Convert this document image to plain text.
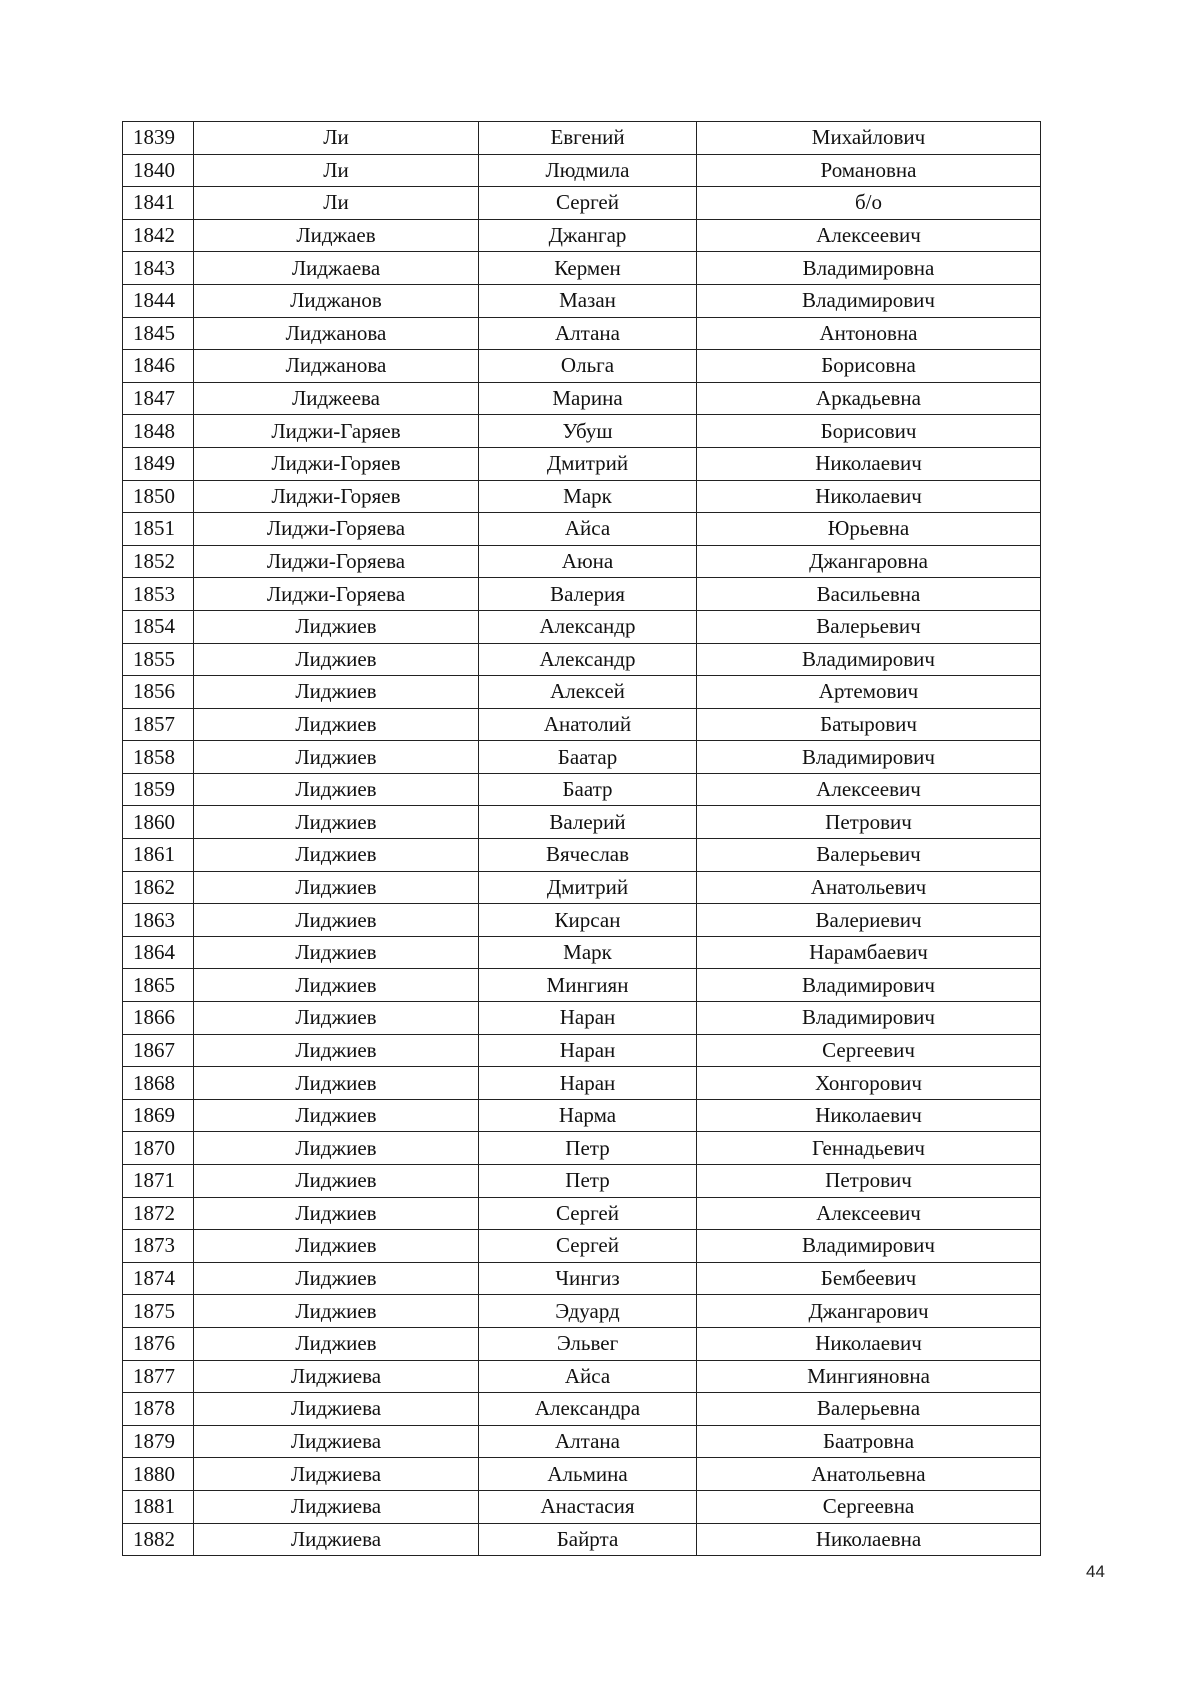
1839	Ли	Евгений	Михайлович
1840	Ли	Людмила	Романовна
1841	Ли	Сергей	б/о
1842	Лиджаев	Джангар	Алексеевич
1843	Лиджаева	Кермен	Владимировна
1844	Лиджанов	Мазан	Владимирович
1845	Лиджанова	Алтана	Антоновна
1846	Лиджанова	Ольга	Борисовна
1847	Лиджеева	Марина	Аркадьевна
1848	Лиджи-Гаряев	Убуш	Борисович
1849	Лиджи-Горяев	Дмитрий	Николаевич
1850	Лиджи-Горяев	Марк	Николаевич
1851	Лиджи-Горяева	Айса	Юрьевна
1852	Лиджи-Горяева	Аюна	Джангаровна
1853	Лиджи-Горяева	Валерия	Васильевна
1854	Лиджиев	Александр	Валерьевич
1855	Лиджиев	Александр	Владимирович
1856	Лиджиев	Алексей	Артемович
1857	Лиджиев	Анатолий	Батырович
1858	Лиджиев	Баатар	Владимирович
1859	Лиджиев	Баатр	Алексеевич
1860	Лиджиев	Валерий	Петрович
1861	Лиджиев	Вячеслав	Валерьевич
1862	Лиджиев	Дмитрий	Анатольевич
1863	Лиджиев	Кирсан	Валериевич
1864	Лиджиев	Марк	Нарамбаевич
1865	Лиджиев	Мингиян	Владимирович
1866	Лиджиев	Наран	Владимирович
1867	Лиджиев	Наран	Сергеевич
1868	Лиджиев	Наран	Хонгорович
1869	Лиджиев	Нарма	Николаевич
1870	Лиджиев	Петр	Геннадьевич
1871	Лиджиев	Петр	Петрович
1872	Лиджиев	Сергей	Алексеевич
1873	Лиджиев	Сергей	Владимирович
1874	Лиджиев	Чингиз	Бембеевич
1875	Лиджиев	Эдуард	Джангарович
1876	Лиджиев	Эльвег	Николаевич
1877	Лиджиева	Айса	Мингияновна
1878	Лиджиева	Александра	Валерьевна
1879	Лиджиева	Алтана	Баатровна
1880	Лиджиева	Альмина	Анатольевна
1881	Лиджиева	Анастасия	Сергеевна
1882	Лиджиева	Байрта	Николаевна
44
